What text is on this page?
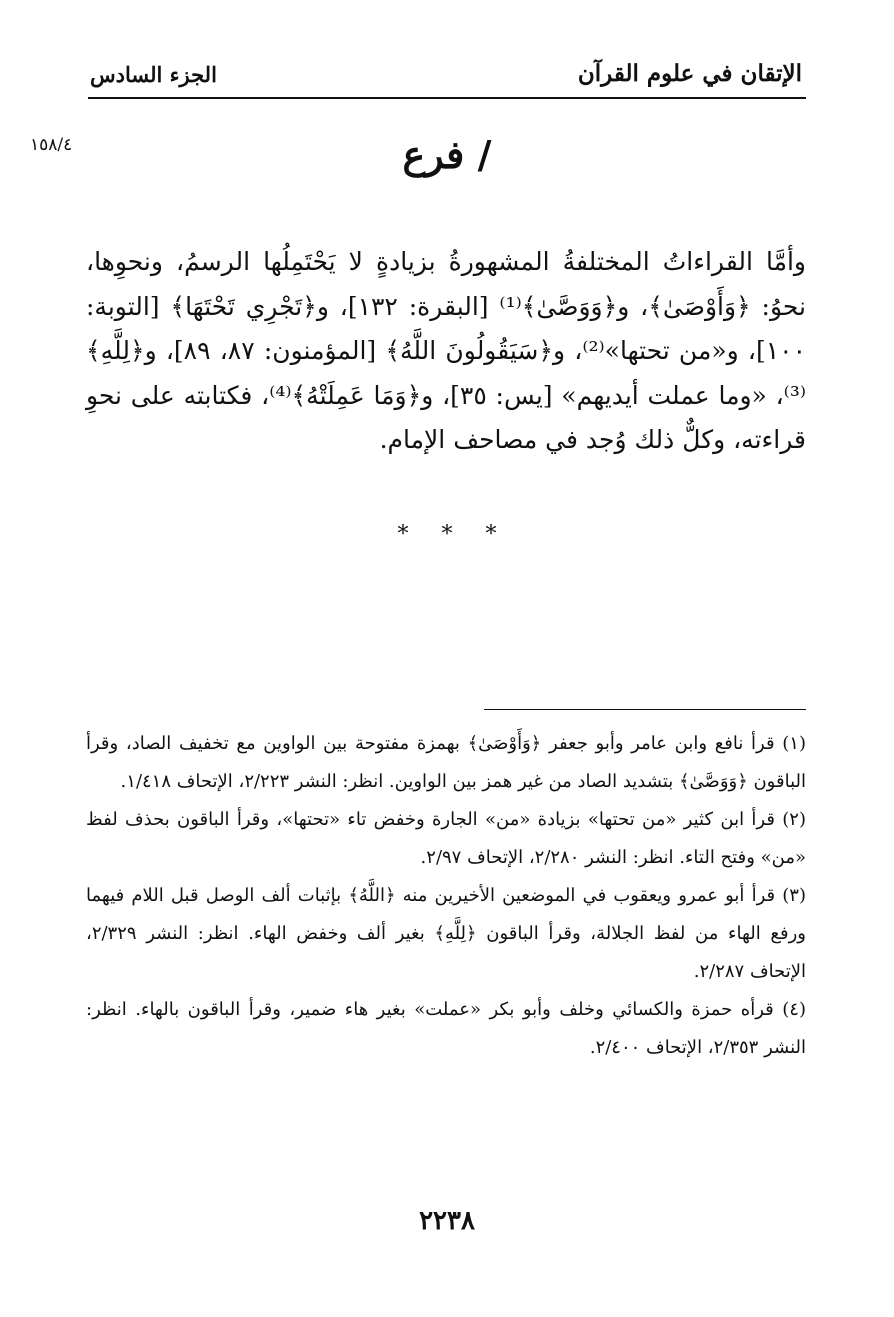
الإتقان في علوم القرآن
الجزء السادس
١٥٨/٤	/ فرع

وأمَّا القراءاتُ المختلفةُ المشهورةُ بزيادةٍ لا يَحْتَمِلُها الرسمُ، ونحوِها، نحوُ: ﴿وَأَوْصَىٰ﴾، و﴿وَوَصَّىٰ﴾⁽¹⁾ [البقرة: ١٣٢]، و﴿تَجْرِي تَحْتَهَا﴾ [التوبة: ١٠٠]، و«من تحتها»⁽²⁾، و﴿سَيَقُولُونَ اللَّهُ﴾ [المؤمنون: ٨٧، ٨٩]، و﴿لِلَّهِ﴾⁽³⁾، «وما عملت أيديهم» [يس: ٣٥]، و﴿وَمَا عَمِلَتْهُ﴾⁽⁴⁾، فكتابته على نحوِ قراءته، وكلٌّ ذلك وُجد في مصاحف الإمام.

* * *

(١) قرأ نافع وابن عامر وأبو جعفر ﴿وَأَوْصَىٰ﴾ بهمزة مفتوحة بين الواوين مع تخفيف الصاد، وقرأ الباقون ﴿وَوَصَّىٰ﴾ بتشديد الصاد من غير همز بين الواوين. انظر: النشر ٢/٢٢٣، الإتحاف ١/٤١٨.

(٢) قرأ ابن كثير «من تحتها» بزيادة «من» الجارة وخفض تاء «تحتها»، وقرأ الباقون بحذف لفظ «من» وفتح التاء. انظر: النشر ٢/٢٨٠، الإتحاف ٢/٩٧.

(٣) قرأ أبو عمرو ويعقوب في الموضعين الأخيرين منه ﴿اللَّهُ﴾ بإثبات ألف الوصل قبل اللام فيهما ورفع الهاء من لفظ الجلالة، وقرأ الباقون ﴿لِلَّهِ﴾ بغير ألف وخفض الهاء. انظر: النشر ٢/٣٢٩، الإتحاف ٢/٢٨٧.

(٤) قرأه حمزة والكسائي وخلف وأبو بكر «عملت» بغير هاء ضمير، وقرأ الباقون بالهاء. انظر: النشر ٢/٣٥٣، الإتحاف ٢/٤٠٠.

٢٢٣٨
